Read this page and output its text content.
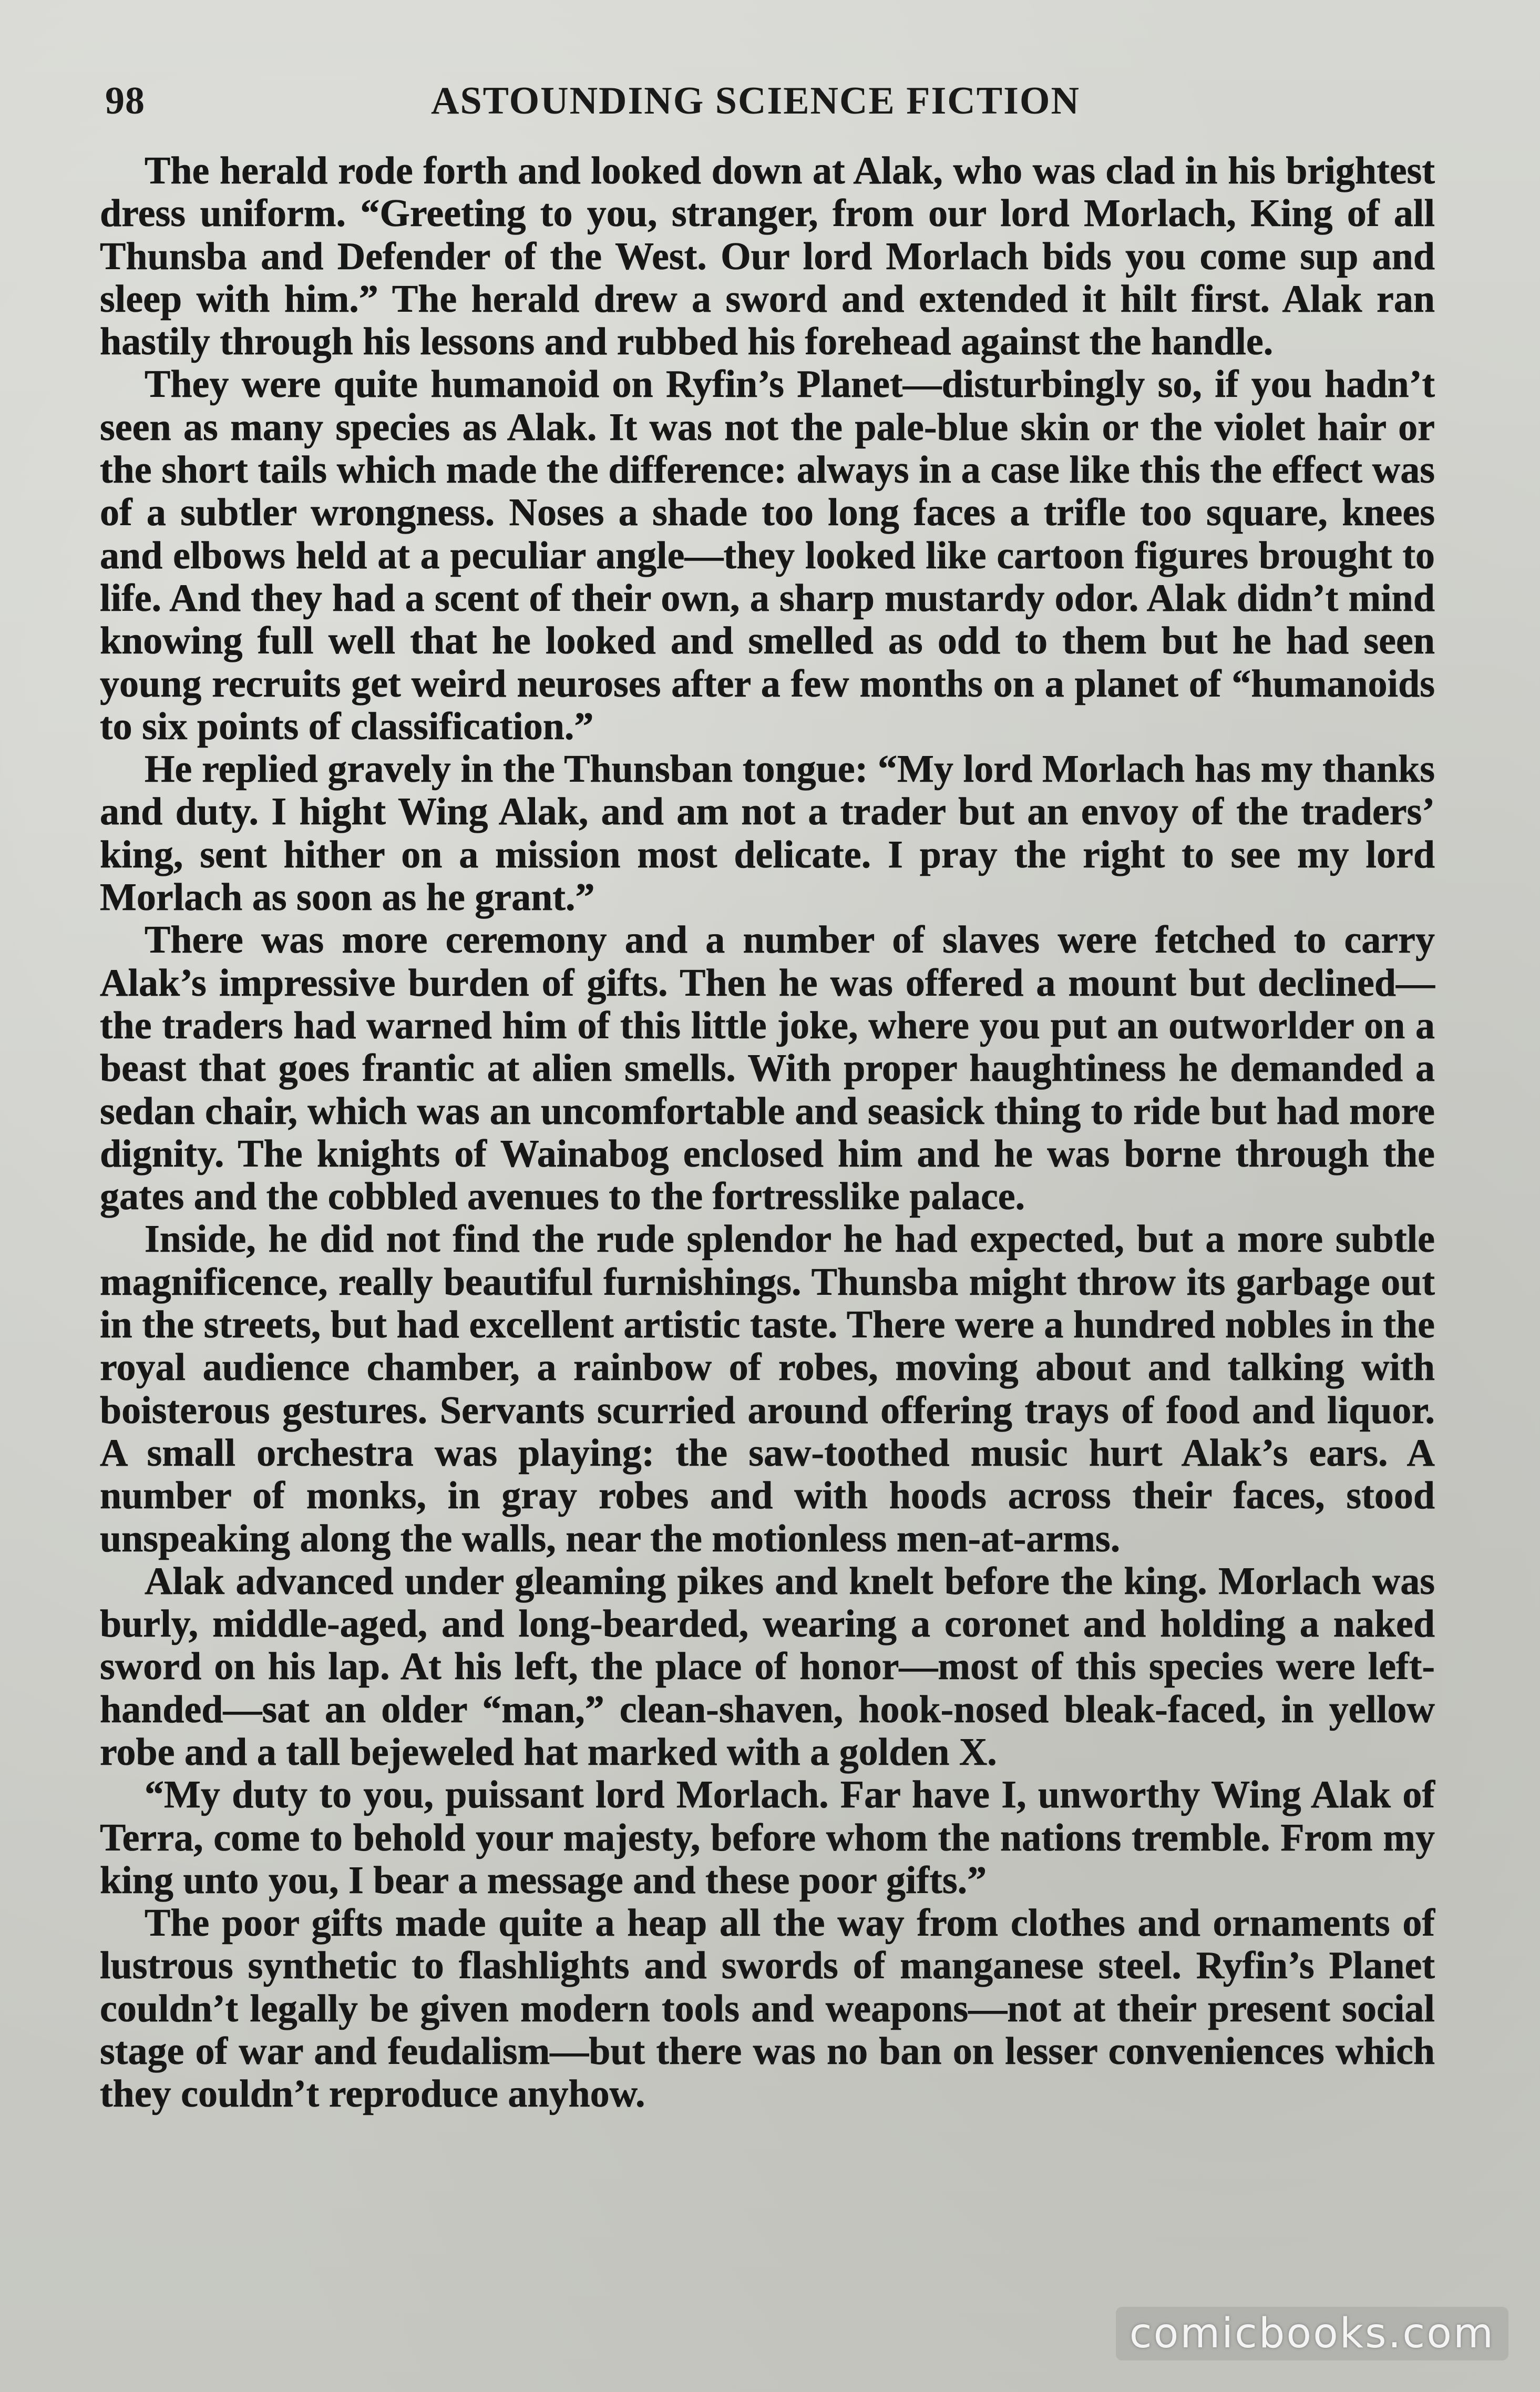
98	ASTOUNDING SCIENCE FICTION

The herald rode forth and looked down at Alak, who was clad in his brightest dress uniform. “Greeting to you, stranger, from our lord Morlach, King of all Thunsba and Defender of the West. Our lord Morlach bids you come sup and sleep with him.” The herald drew a sword and extended it hilt first. Alak ran hastily through his lessons and rubbed his forehead against the handle.

They were quite humanoid on Ryfin’s Planet—disturbingly so, if you hadn’t seen as many species as Alak. It was not the pale-blue skin or the violet hair or the short tails which made the difference: always in a case like this the effect was of a subtler wrongness. Noses a shade too long faces a trifle too square, knees and elbows held at a peculiar angle—they looked like cartoon figures brought to life. And they had a scent of their own, a sharp mustardy odor. Alak didn’t mind knowing full well that he looked and smelled as odd to them but he had seen young recruits get weird neuroses after a few months on a planet of “humanoids to six points of classification.”

He replied gravely in the Thunsban tongue: “My lord Morlach has my thanks and duty. I hight Wing Alak, and am not a trader but an envoy of the traders’ king, sent hither on a mission most delicate. I pray the right to see my lord Morlach as soon as he grant.”

There was more ceremony and a number of slaves were fetched to carry Alak’s impressive burden of gifts. Then he was offered a mount but declined—the traders had warned him of this little joke, where you put an outworlder on a beast that goes frantic at alien smells. With proper haughtiness he demanded a sedan chair, which was an uncomfortable and seasick thing to ride but had more dignity. The knights of Wainabog enclosed him and he was borne through the gates and the cobbled avenues to the fortresslike palace.

Inside, he did not find the rude splendor he had expected, but a more subtle magnificence, really beautiful furnishings. Thunsba might throw its garbage out in the streets, but had excellent artistic taste. There were a hundred nobles in the royal audience chamber, a rainbow of robes, moving about and talking with boisterous gestures. Servants scurried around offering trays of food and liquor. A small orchestra was playing: the saw-toothed music hurt Alak’s ears. A number of monks, in gray robes and with hoods across their faces, stood unspeaking along the walls, near the motionless men-at-arms.

Alak advanced under gleaming pikes and knelt before the king. Morlach was burly, middle-aged, and long-bearded, wearing a coronet and holding a naked sword on his lap. At his left, the place of honor—most of this species were left-handed—sat an older “man,” clean-shaven, hook-nosed bleak-faced, in yellow robe and a tall bejeweled hat marked with a golden X.

“My duty to you, puissant lord Morlach. Far have I, unworthy Wing Alak of Terra, come to behold your majesty, before whom the nations tremble. From my king unto you, I bear a message and these poor gifts.”

The poor gifts made quite a heap all the way from clothes and ornaments of lustrous synthetic to flashlights and swords of manganese steel. Ryfin’s Planet couldn’t legally be given modern tools and weapons—not at their present social stage of war and feudalism—but there was no ban on lesser conveniences which they couldn’t reproduce anyhow.

comicbooks.com
